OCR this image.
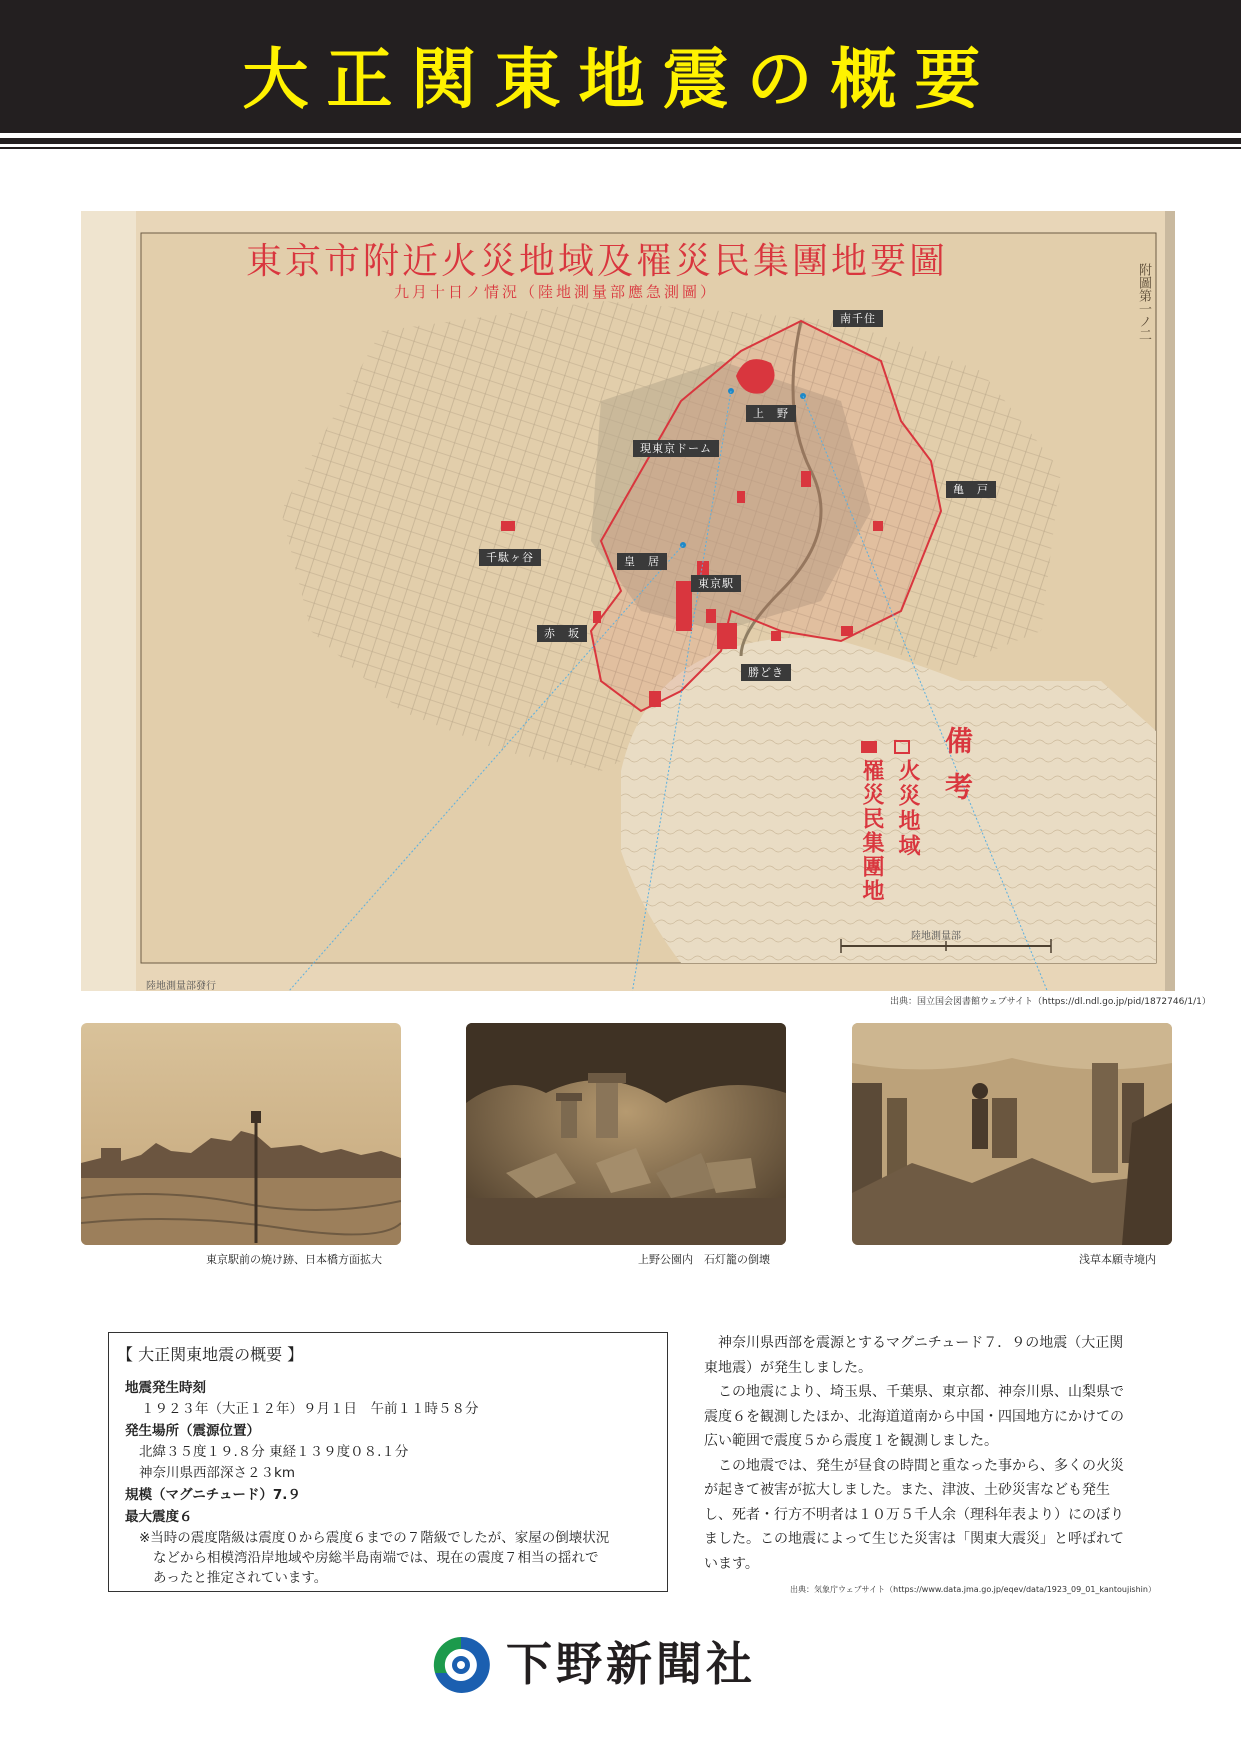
大正関東地震の概要
東京市附近火災地域及罹災民集團地要圖
九月十日ノ情況（陸地測量部應急測圖）	附圖第一ノ二
備考
火災地域
罹災民集團地
陸地測量部
陸地測量部發行
南千住
上　野
現東京ドーム
亀　戸
千駄ヶ谷	皇　居
東京駅
赤　坂
勝どき
出典：国立国会図書館ウェブサイト（https://dl.ndl.go.jp/pid/1872746/1/1）
東京駅前の焼け跡、日本橋方面拡大	上野公園内　石灯籠の倒壊	浅草本願寺境内
【 大正関東地震の概要 】
地震発生時刻
１９２３年（大正１２年）９月１日　午前１１時５８分
発生場所（震源位置）
北緯３５度１９.８分 東経１３９度０８.１分
神奈川県西部深さ２３km
規模（マグニチュード）7.９
最大震度６
※当時の震度階級は震度０から震度６までの７階級でしたが、家屋の倒壊状況
などから相模湾沿岸地域や房総半島南端では、現在の震度７相当の揺れで
あったと推定されています。

神奈川県西部を震源とするマグニチュード７．９の地震（大正関東地震）が発生しました。

この地震により、埼玉県、千葉県、東京都、神奈川県、山梨県で震度６を観測したほか、北海道道南から中国・四国地方にかけての広い範囲で震度５から震度１を観測しました。

この地震では、発生が昼食の時間と重なった事から、多くの火災が起きて被害が拡大しました。また、津波、土砂災害なども発生し、死者・行方不明者は１０万５千人余（理科年表より）にのぼりました。この地震によって生じた災害は「関東大震災」と呼ばれています。

出典：気象庁ウェブサイト（https://www.data.jma.go.jp/eqev/data/1923_09_01_kantoujishin）
下野新聞社
